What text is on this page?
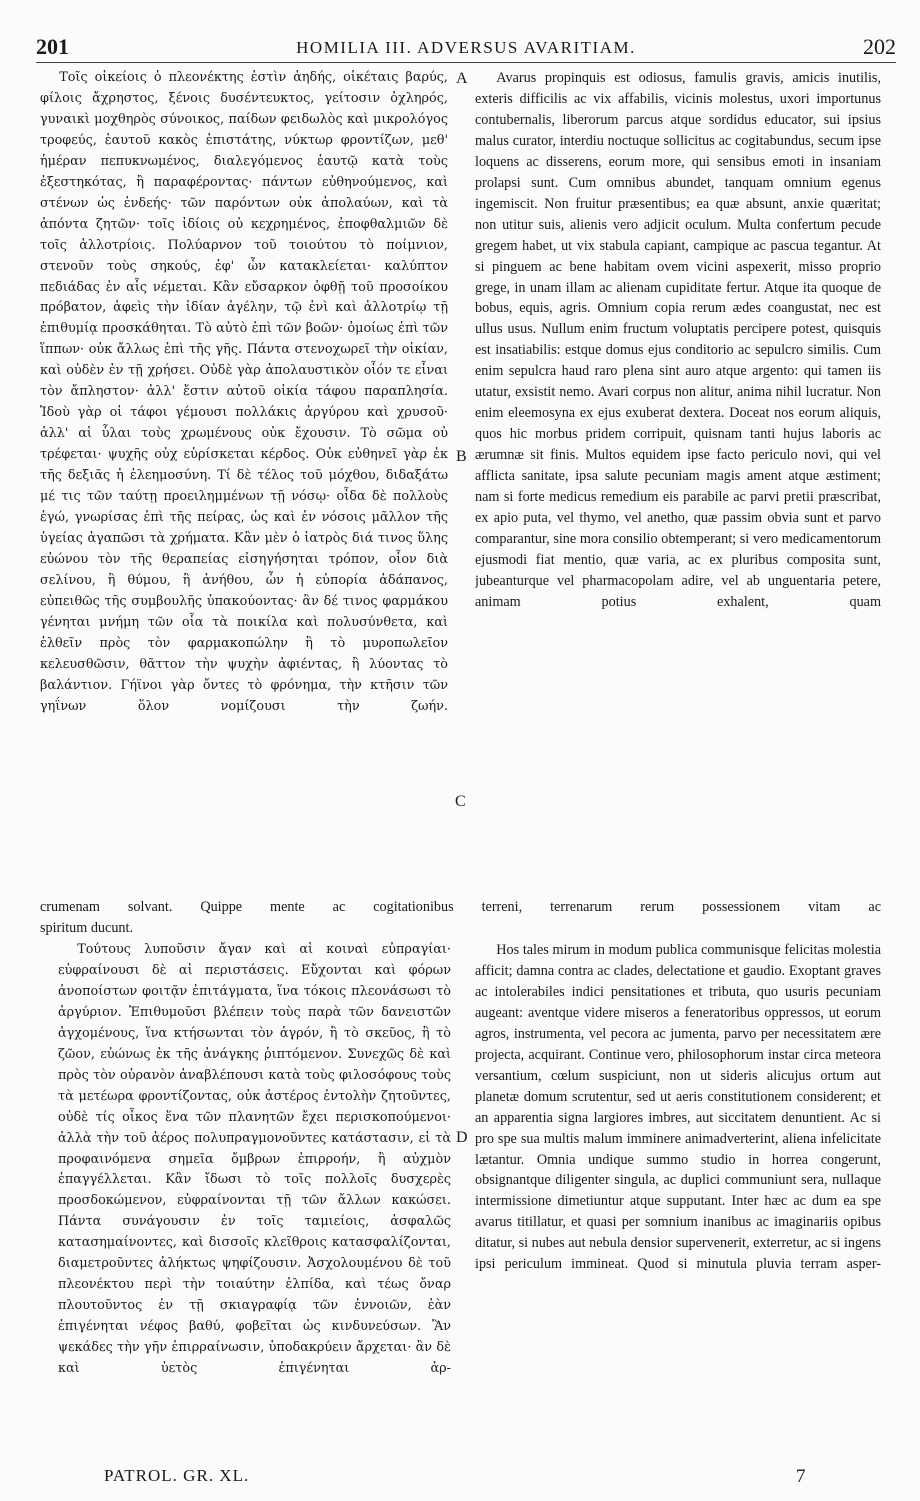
201	HOMILIA III. ADVERSUS AVARITIAM.	202

Τοῖς οἰκείοις ὁ πλεονέκτης ἐστὶν ἀηδής, οἰκέταις βαρύς, φίλοις ἄχρηστος, ξένοις δυσέντευκτος, γείτοσιν ὀχληρός, γυναικὶ μοχθηρὸς σύνοικος, παίδων φειδωλὸς καὶ μικρολόγος τροφεύς, ἑαυτοῦ κακὸς ἐπιστάτης, νύκτωρ φροντίζων, μεθ' ἡμέραν πεπυκνωμένος, διαλεγόμενος ἑαυτῷ κατὰ τοὺς ἐξεστηκότας, ἢ παραφέροντας· πάντων εὐθηνούμενος, καὶ στένων ὡς ἐνδεής· τῶν παρόντων οὐκ ἀπολαύων, καὶ τὰ ἀπόντα ζητῶν· τοῖς ἰδίοις οὐ κεχρημένος, ἐποφθαλμιῶν δὲ τοῖς ἀλλοτρίοις. Πολύαρνον τοῦ τοιούτου τὸ ποίμνιον, στενοῦν τοὺς σηκούς, ἐφ' ὧν κατακλείεται· καλύπτον πεδιάδας ἐν αἷς νέμεται. Κἂν εὔσαρκον ὀφθῇ τοῦ προσοίκου πρόβατον, ἀφεὶς τὴν ἰδίαν ἀγέλην, τῷ ἐνὶ καὶ ἀλλοτρίῳ τῇ ἐπιθυμίᾳ προσκάθηται. Τὸ αὐτὸ ἐπὶ τῶν βοῶν· ὁμοίως ἐπὶ τῶν ἵππων· οὐκ ἄλλως ἐπὶ τῆς γῆς. Πάντα στενοχωρεῖ τὴν οἰκίαν, καὶ οὐδὲν ἐν τῇ χρήσει. Οὐδὲ γὰρ ἀπολαυστικὸν οἷόν τε εἶναι τὸν ἄπληστον· ἀλλ' ἔστιν αὐτοῦ οἰκία τάφου παραπλησία. Ἰδοὺ γὰρ οἱ τάφοι γέμουσι πολλάκις ἀργύρου καὶ χρυσοῦ· ἀλλ' αἱ ὗλαι τοὺς χρωμένους οὐκ ἔχουσιν. Τὸ σῶμα οὐ τρέφεται· ψυχῆς οὐχ εὑρίσκεται κέρδος. Οὐκ εὐθηνεῖ γὰρ ἐκ τῆς δεξιᾶς ἡ ἐλεημοσύνη. Τί δὲ τέλος τοῦ μόχθου, διδαξάτω μέ τις τῶν ταύτῃ προειλημμένων τῇ νόσῳ· οἶδα δὲ πολλοὺς ἐγώ, γνωρίσας ἐπὶ τῆς πείρας, ὡς καὶ ἐν νόσοις μᾶλλον τῆς ὑγείας ἀγαπῶσι τὰ χρήματα. Κἂν μὲν ὁ ἰατρὸς διά τινος ὕλης εὐώνου τὸν τῆς θεραπείας εἰσηγήσηται τρόπον, οἷον διὰ σελίνου, ἢ θύμου, ἢ ἀνήθου, ὧν ἡ εὐπορία ἀδάπανος, εὐπειθῶς τῆς συμβουλῆς ὑπακούοντας· ἂν δέ τινος φαρμάκου γένηται μνήμη τῶν οἷα τὰ ποικίλα καὶ πολυσύνθετα, καὶ ἐλθεῖν πρὸς τὸν φαρμακοπώλην ἢ τὸ μυροπωλεῖον κελευσθῶσιν, θᾶττον τὴν ψυχὴν ἀφιέντας, ἢ λύοντας τὸ βαλάντιον. Γήϊνοι γὰρ ὄντες τὸ φρόνημα, τὴν κτῆσιν τῶν γηΐνων ὅλον νομίζουσι τὴν ζωήν.

Avarus propinquis est odiosus, famulis gravis, amicis inutilis, exteris difficilis ac vix affabilis, vicinis molestus, uxori importunus contubernalis, liberorum parcus atque sordidus educator, sui ipsius malus curator, interdiu noctuque sollicitus ac cogitabundus, secum ipse loquens ac disserens, eorum more, qui sensibus emoti in insaniam prolapsi sunt. Cum omnibus abundet, tanquam omnium egenus ingemiscit. Non fruitur præsentibus; ea quæ absunt, anxie quæritat; non utitur suis, alienis vero adjicit oculum. Multa confertum pecude gregem habet, ut vix stabula capiant, campique ac pascua tegantur. At si pinguem ac bene habitam ovem vicini aspexerit, misso proprio grege, in unam illam ac alienam cupiditate fertur. Atque ita quoque de bobus, equis, agris. Omnium copia rerum ædes coangustat, nec est ullus usus. Nullum enim fructum voluptatis percipere potest, quisquis est insatiabilis: estque domus ejus conditorio ac sepulcro similis. Cum enim sepulcra haud raro plena sint auro atque argento: qui tamen iis utatur, exsistit nemo. Avari corpus non alitur, anima nihil lucratur. Non enim eleemosyna ex ejus exuberat dextera. Doceat nos eorum aliquis, quos hic morbus pridem corripuit, quisnam tanti hujus laboris ac ærumnæ sit finis. Multos equidem ipse facto periculo novi, qui vel afflicta sanitate, ipsa salute pecuniam magis ament atque æstiment; nam si forte medicus remedium eis parabile ac parvi pretii præscribat, ex apio puta, vel thymo, vel anetho, quæ passim obvia sunt et parvo comparantur, sine mora consilio obtemperant; si vero medicamentorum ejusmodi fiat mentio, quæ varia, ac ex pluribus composita sunt, jubeanturque vel pharmacopolam adire, vel ab unguentaria petere, animam potius exhalent, quam

A
B
C
D
crumenam solvant. Quippe mente ac cogitationibus terreni, terrenarum rerum possessionem vitam ac
spiritum ducunt.

Τούτους λυποῦσιν ἄγαν καὶ αἱ κοιναὶ εὐπραγίαι· εὐφραίνουσι δὲ αἱ περιστάσεις. Εὔχονται καὶ φόρων ἀνοποίστων φοιτᾷν ἐπιτάγματα, ἵνα τόκοις πλεονάσωσι τὸ ἀργύριον. Ἐπιθυμοῦσι βλέπειν τοὺς παρὰ τῶν δανειστῶν ἀγχομένους, ἵνα κτήσωνται τὸν ἀγρόν, ἢ τὸ σκεῦος, ἢ τὸ ζῶον, εὐώνως ἐκ τῆς ἀνάγκης ῥιπτόμενον. Συνεχῶς δὲ καὶ πρὸς τὸν οὐρανὸν ἀναβλέπουσι κατὰ τοὺς φιλοσόφους τοὺς τὰ μετέωρα φροντίζοντας, οὐκ ἀστέρος ἐντολὴν ζητοῦντες, οὐδὲ τίς οἶκος ἕνα τῶν πλανητῶν ἔχει περισκοπούμενοι· ἀλλὰ τὴν τοῦ ἀέρος πολυπραγμονοῦντες κατάστασιν, εἰ τὰ προφαινόμενα σημεῖα ὄμβρων ἐπιρροήν, ἢ αὐχμὸν ἐπαγγέλλεται. Κἂν ἴδωσι τὸ τοῖς πολλοῖς δυσχερὲς προσδοκώμενον, εὐφραίνονται τῇ τῶν ἄλλων κακώσει. Πάντα συνάγουσιν ἐν τοῖς ταμιείοις, ἀσφαλῶς κατασημαίνοντες, καὶ δισσοῖς κλεῖθροις κατασφαλίζονται, διαμετροῦντες ἀλήκτως ψηφίζουσιν. Ἀσχολουμένου δὲ τοῦ πλεονέκτου περὶ τὴν τοιαύτην ἐλπίδα, καὶ τέως ὄναρ πλουτοῦντος ἐν τῇ σκιαγραφίᾳ τῶν ἐννοιῶν, ἐὰν ἐπιγένηται νέφος βαθύ, φοβεῖται ὡς κινδυνεύσων. Ἂν ψεκάδες τὴν γῆν ἐπιρραίνωσιν, ὑποδακρύειν ἄρχεται· ἂν δὲ καὶ ὑετὸς ἐπιγένηται ἀρ-

Hos tales mirum in modum publica communisque felicitas molestia afficit; damna contra ac clades, delectatione et gaudio. Exoptant graves ac intolerabiles indici pensitationes et tributa, quo usuris pecuniam augeant: aventque videre miseros a feneratoribus oppressos, ut eorum agros, instrumenta, vel pecora ac jumenta, parvo per necessitatem ære projecta, acquirant. Continue vero, philosophorum instar circa meteora versantium, cœlum suspiciunt, non ut sideris alicujus ortum aut planetæ domum scrutentur, sed ut aeris constitutionem considerent; et an apparentia signa largiores imbres, aut siccitatem denuntient. Ac si pro spe sua multis malum imminere animadverterint, aliena infelicitate lætantur. Omnia undique summo studio in horrea congerunt, obsignantque diligenter singula, ac duplici communiunt sera, nullaque intermissione dimetiuntur atque supputant. Inter hæc ac dum ea spe avarus titillatur, et quasi per somnium inanibus ac imaginariis opibus ditatur, si nubes aut nebula densior supervenerit, exterretur, ac si ingens ipsi periculum immineat. Quod si minutula pluvia terram asper-

PATROL. GR. XL.	7
